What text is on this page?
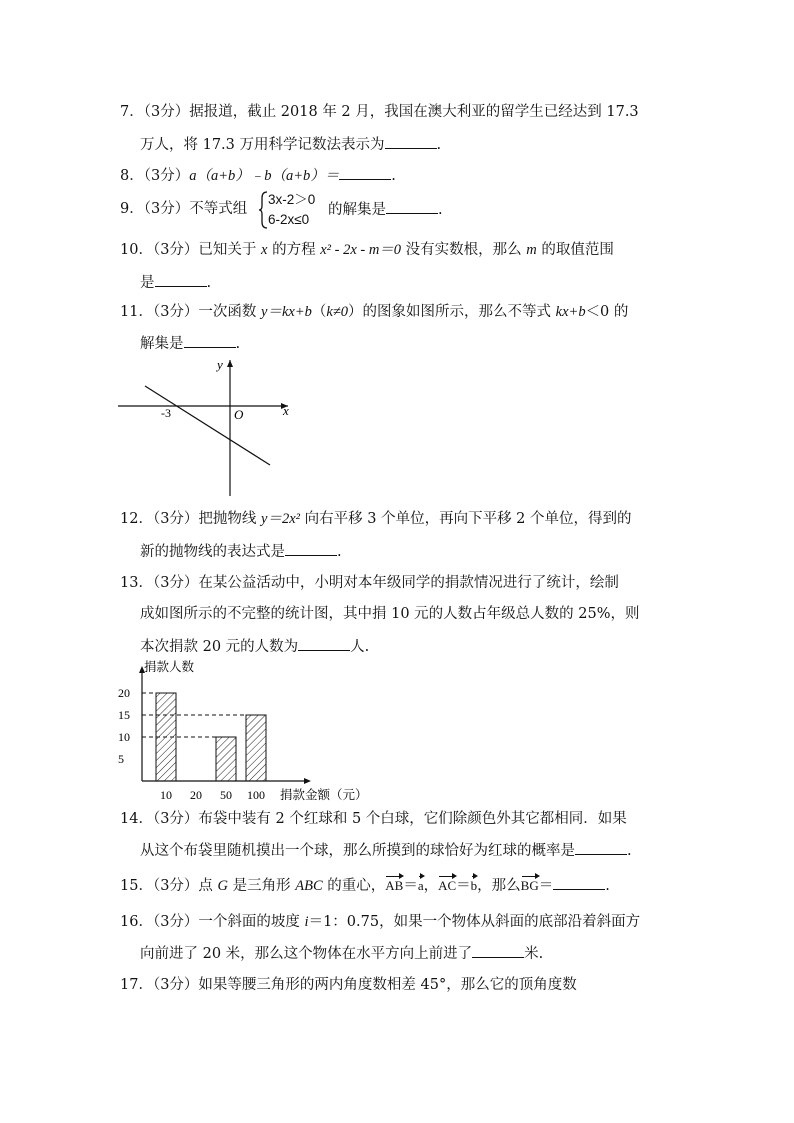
7．（3分）据报道，截止 2018 年 2 月，我国在澳大利亚的留学生已经达到 17.3
万人，将 17.3 万用科学记数法表示为	.
8．（3分）a（a+b）﹣b（a+b）＝	.
9．（3分）不等式组
3x-2＞0
6-2x≤0
的解集是	.
10．（3分）已知关于 x 的方程 x² - 2x - m＝0 没有实数根，那么 m 的取值范围
是	.
11．（3分）一次函数 y＝kx+b（k≠0）的图象如图所示，那么不等式 kx+b＜0 的
解集是	.
x
y
O
-3
12．（3分）把抛物线 y＝2x² 向右平移 3 个单位，再向下平移 2 个单位，得到的
新的抛物线的表达式是	.
13．（3分）在某公益活动中，小明对本年级同学的捐款情况进行了统计，绘制
成如图所示的不完整的统计图，其中捐 10 元的人数占年级总人数的 25%，则
本次捐款 20 元的人数为	人.
捐款人数
捐款金额（元）
5
10
15
20
10 20 50 100
14．（3分）布袋中装有 2 个红球和 5 个白球，它们除颜色外其它都相同．如果
从这个布袋里随机摸出一个球，那么所摸到的球恰好为红球的概率是	.
15．（3分）点 G 是三角形 ABC 的重心，AB＝a，AC＝b，那么BG＝	.
16．（3分）一个斜面的坡度 i＝1：0.75，如果一个物体从斜面的底部沿着斜面方
向前进了 20 米，那么这个物体在水平方向上前进了	米.
17．（3分）如果等腰三角形的两内角度数相差 45°，那么它的顶角度数
